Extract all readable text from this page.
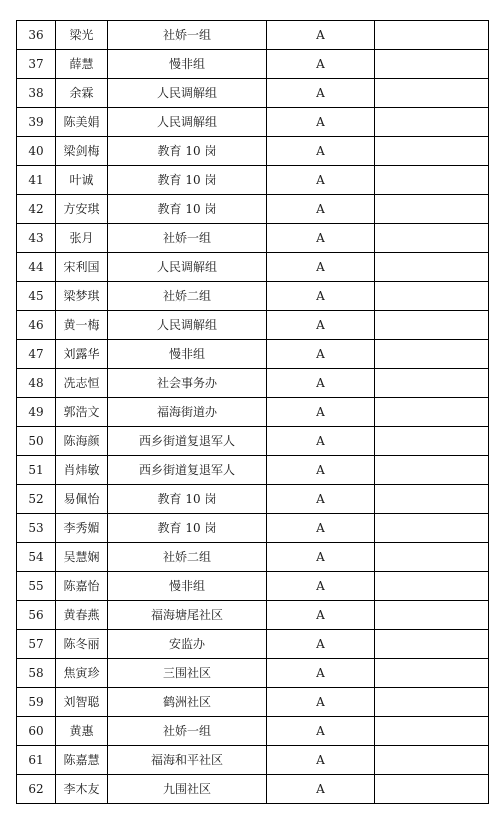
36	梁光	社娇一组	A	
37	薛慧	慢非组	A	
38	余霖	人民调解组	A	
39	陈美娟	人民调解组	A	
40	梁剑梅	教育 10 岗	A	
41	叶诚	教育 10 岗	A	
42	方安琪	教育 10 岗	A	
43	张月	社娇一组	A	
44	宋利国	人民调解组	A	
45	梁梦琪	社娇二组	A	
46	黄一梅	人民调解组	A	
47	刘露华	慢非组	A	
48	冼志恒	社会事务办	A	
49	郭浩文	福海街道办	A	
50	陈海颜	西乡街道复退军人	A	
51	肖炜敏	西乡街道复退军人	A	
52	易佩怡	教育 10 岗	A	
53	李秀媚	教育 10 岗	A	
54	吴慧娴	社娇二组	A	
55	陈嘉怡	慢非组	A	
56	黄春燕	福海塘尾社区	A	
57	陈冬丽	安监办	A	
58	焦寅珍	三围社区	A	
59	刘智聪	鹤洲社区	A	
60	黄惠	社娇一组	A	
61	陈嘉慧	福海和平社区	A	
62	李木友	九围社区	A	
